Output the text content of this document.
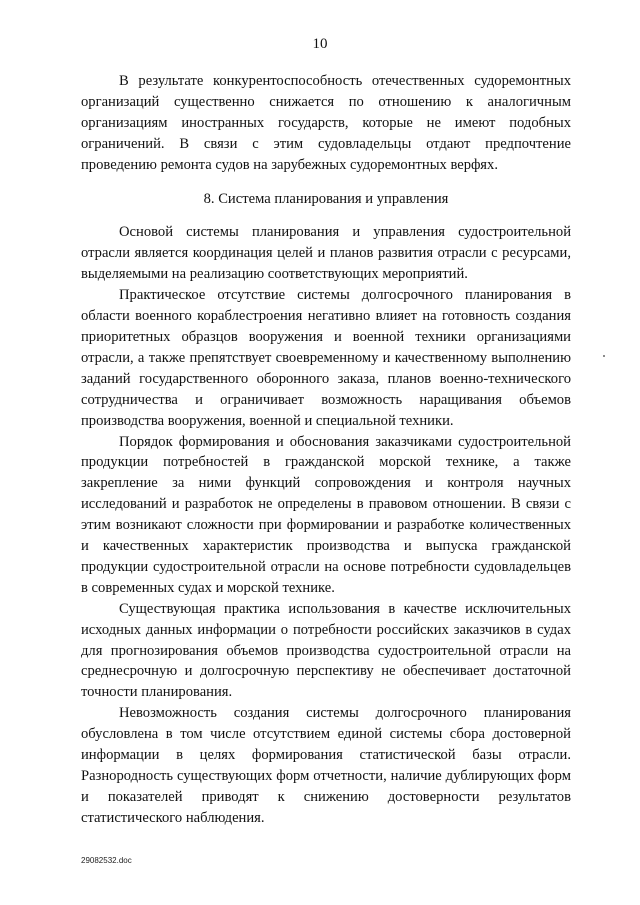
10

В результате конкурентоспособность отечественных судоремонтных организаций существенно снижается по отношению к аналогичным организациям иностранных государств, которые не имеют подобных ограничений. В связи с этим судовладельцы отдают предпочтение проведению ремонта судов на зарубежных судоремонтных верфях.

8. Система планирования и управления

Основой системы планирования и управления судостроительной отрасли является координация целей и планов развития отрасли с ресурсами, выделяемыми на реализацию соответствующих мероприятий.

Практическое отсутствие системы долгосрочного планирования в области военного кораблестроения негативно влияет на готовность создания приоритетных образцов вооружения и военной техники организациями отрасли, а также препятствует своевременному и качественному выполнению заданий государственного оборонного заказа, планов военно-технического сотрудничества и ограничивает возможность наращивания объемов производства вооружения, военной и специальной техники.

Порядок формирования и обоснования заказчиками судостроительной продукции потребностей в гражданской морской технике, а также закрепление за ними функций сопровождения и контроля научных исследований и разработок не определены в правовом отношении. В связи с этим возникают сложности при формировании и разработке количественных и качественных характеристик производства и выпуска гражданской продукции судостроительной отрасли на основе потребности судовладельцев в современных судах и морской технике.

Существующая практика использования в качестве исключительных исходных данных информации о потребности российских заказчиков в судах для прогнозирования объемов производства судостроительной отрасли на среднесрочную и долгосрочную перспективу не обеспечивает достаточной точности планирования.

Невозможность создания системы долгосрочного планирования обусловлена в том числе отсутствием единой системы сбора достоверной информации в целях формирования статистической базы отрасли. Разнородность существующих форм отчетности, наличие дублирующих форм и показателей приводят к снижению достоверности результатов статистического наблюдения.

29082532.doc
